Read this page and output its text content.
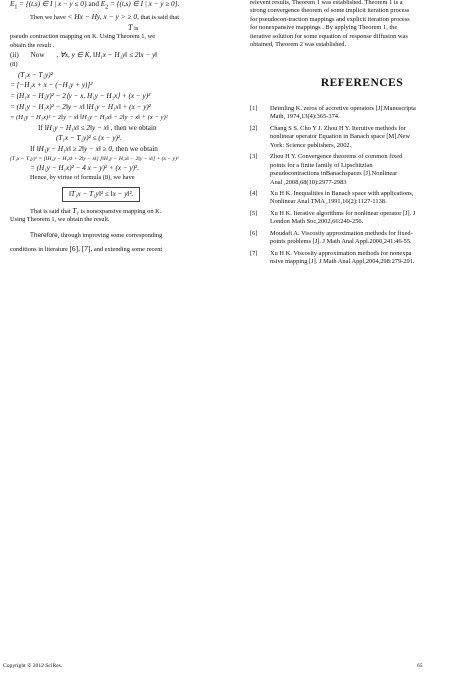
$E_1 = \{(t,s)$ ∈ I | x − y ≤ 0} and $E_2 = \{(t,s)$ ∈ I | x − y ≥ 0}.
Then we have < Hx − Hy, x − y > ≥ 0, that is said that
T is
pseudo contraction mapping on K. Using Theorem 1, we
obtain the result .
(ii) Now , ∀x, y ∈ K, ‖H₁x − H₁y‖ ≤ 2‖x − y‖
(8)
(T₁x − T₁y)²
= [−H₁x + x − (−H₁y + y)]²
= (H₁x − H₁y)² − 2⟨y − x, H₁y − H₁x⟩ + (x − y)²
= (H₁y − H₁x)² − 2‖y − x‖ ‖H₁y − H₁x‖ + (x − y)²
= (H₁y − H₁x)² − 2‖y − x‖ ‖H₁y − H₁x‖ − 2‖y − x‖ + (x − y)²
If ‖H₁y − H₁x‖ ≤ 2‖y − x‖ , then we obtain
(T₁x − T₁y)² ≤ (x − y)².
If ‖H₁y − H₁x‖ ≥ 2‖y − x‖ ≥ 0, then we obtain
(T₁x − T₁y)² = [‖H₁y − H₁x‖ + 2‖y − x‖] [‖H₁y − H₁x‖ − 2‖y − x‖] + (x − y)²
= (H₁y − H₁x)² − 4 x − y)² + (x − y)².
Hence, by virtue of formula (8), we have
‖T₁x − T₁y‖² ≤ ‖x − y‖².
That is said that T₁ is nonexpansive mapping on K.
Using Theorem 1, we obtain the result.
Therefore, through improving some corresponding
conditions in literature [6], [7], and extending some recent
relevent results, Theorem 1 was established. Theorem 1 is a
strong convergence theorem of some implicit iteration process
for pseudocon-traction mappings and explicit iteration process
for nonexpansive mappings . By applying Theorem 1, the
iterative solution for some equation of response diffusion was
obtained, Theorem 2 was established.
REFERENCES
[1]	Deimling K. zeros of accretive operators [J].Manuscripta
Math, 1974,13(4):365-374.
[2]	Chang S S. Cho Y J. Zhou H Y. Iterutive methods for
nonlinear operator Equation in Banach space [M].New
York: Science publishers, 2002.
[3]	Zhou H Y. Convergence theorems of common fixed
points for a finite family of Lipschitzian
pseudocontractions inBanachspaces [J].Nonlinear
Anal ,2008,68(10):2977-2983
[4]	Xu H K. Inequalities in Banach space with applications,
Nonlinear Anal TMA ,1991,16(2):1127-1138.
[5]	Xu H K. Iterative algorithms for nonlinear operator [J]. J
London Math Soc,2002,66:240-256.
[6]	Moudafi A. Viscosity approximation methods for fixed-
points problems [J]. J Math Anal Appl.2000,241:46-55.
[7]	Xu H K. Viscosity approximation methods for nonexpa
nsive mapping [J]. J Math Anal Appl,2004,298:279-291.
Copyright © 2012 SciRes.	65
